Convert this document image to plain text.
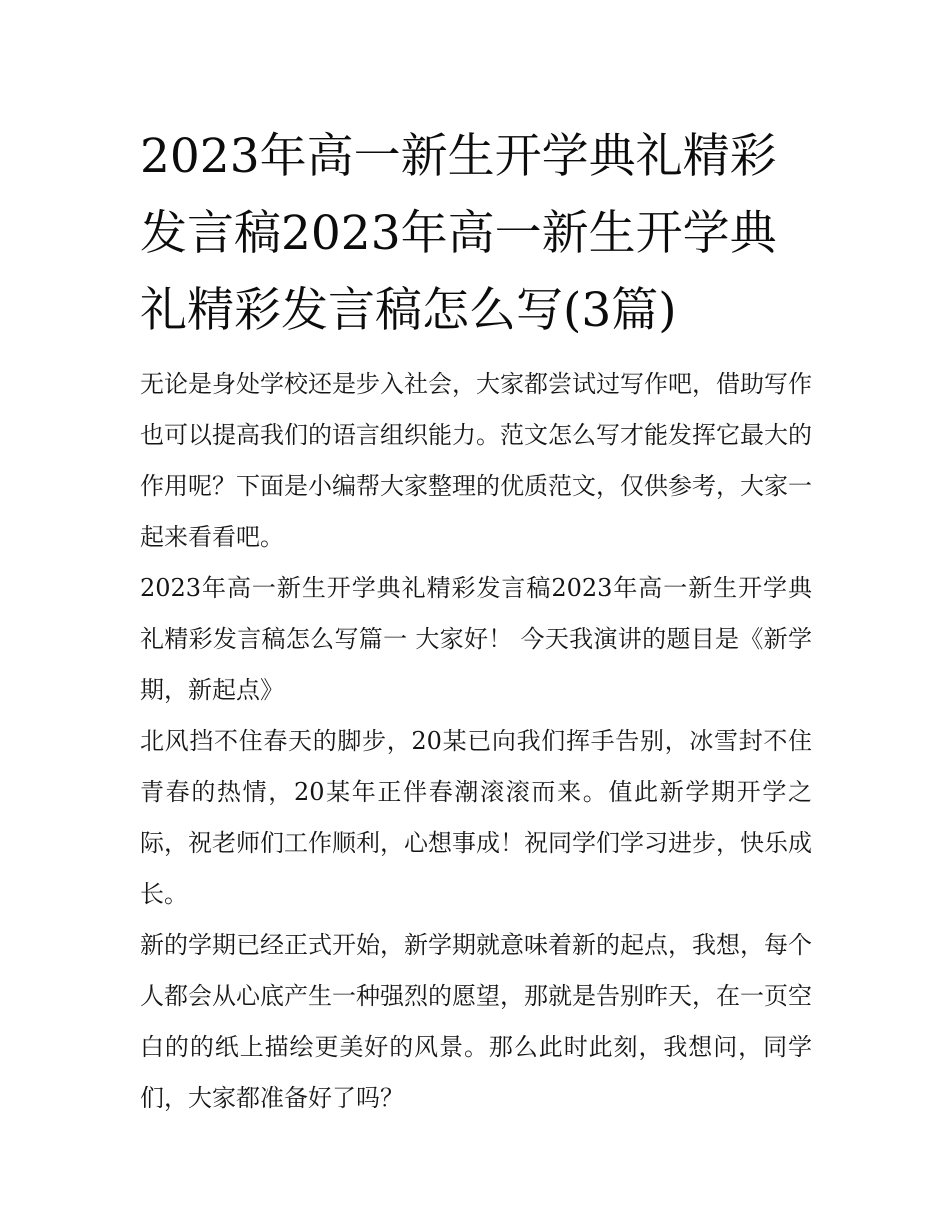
2023年高一新生开学典礼精彩发言稿2023年高一新生开学典礼精彩发言稿怎么写(3篇)

无论是身处学校还是步入社会，大家都尝试过写作吧，借助写作也可以提高我们的语言组织能力。范文怎么写才能发挥它最大的作用呢？下面是小编帮大家整理的优质范文，仅供参考，大家一起来看看吧。

2023年高一新生开学典礼精彩发言稿2023年高一新生开学典礼精彩发言稿怎么写篇一 大家好！ 今天我演讲的题目是《新学期，新起点》

北风挡不住春天的脚步，20某已向我们挥手告别，冰雪封不住青春的热情，20某年正伴春潮滚滚而来。值此新学期开学之际，祝老师们工作顺利，心想事成！祝同学们学习进步，快乐成长。

新的学期已经正式开始，新学期就意味着新的起点，我想，每个人都会从心底产生一种强烈的愿望，那就是告别昨天，在一页空白的的纸上描绘更美好的风景。那么此时此刻，我想问，同学们，大家都准备好了吗？
